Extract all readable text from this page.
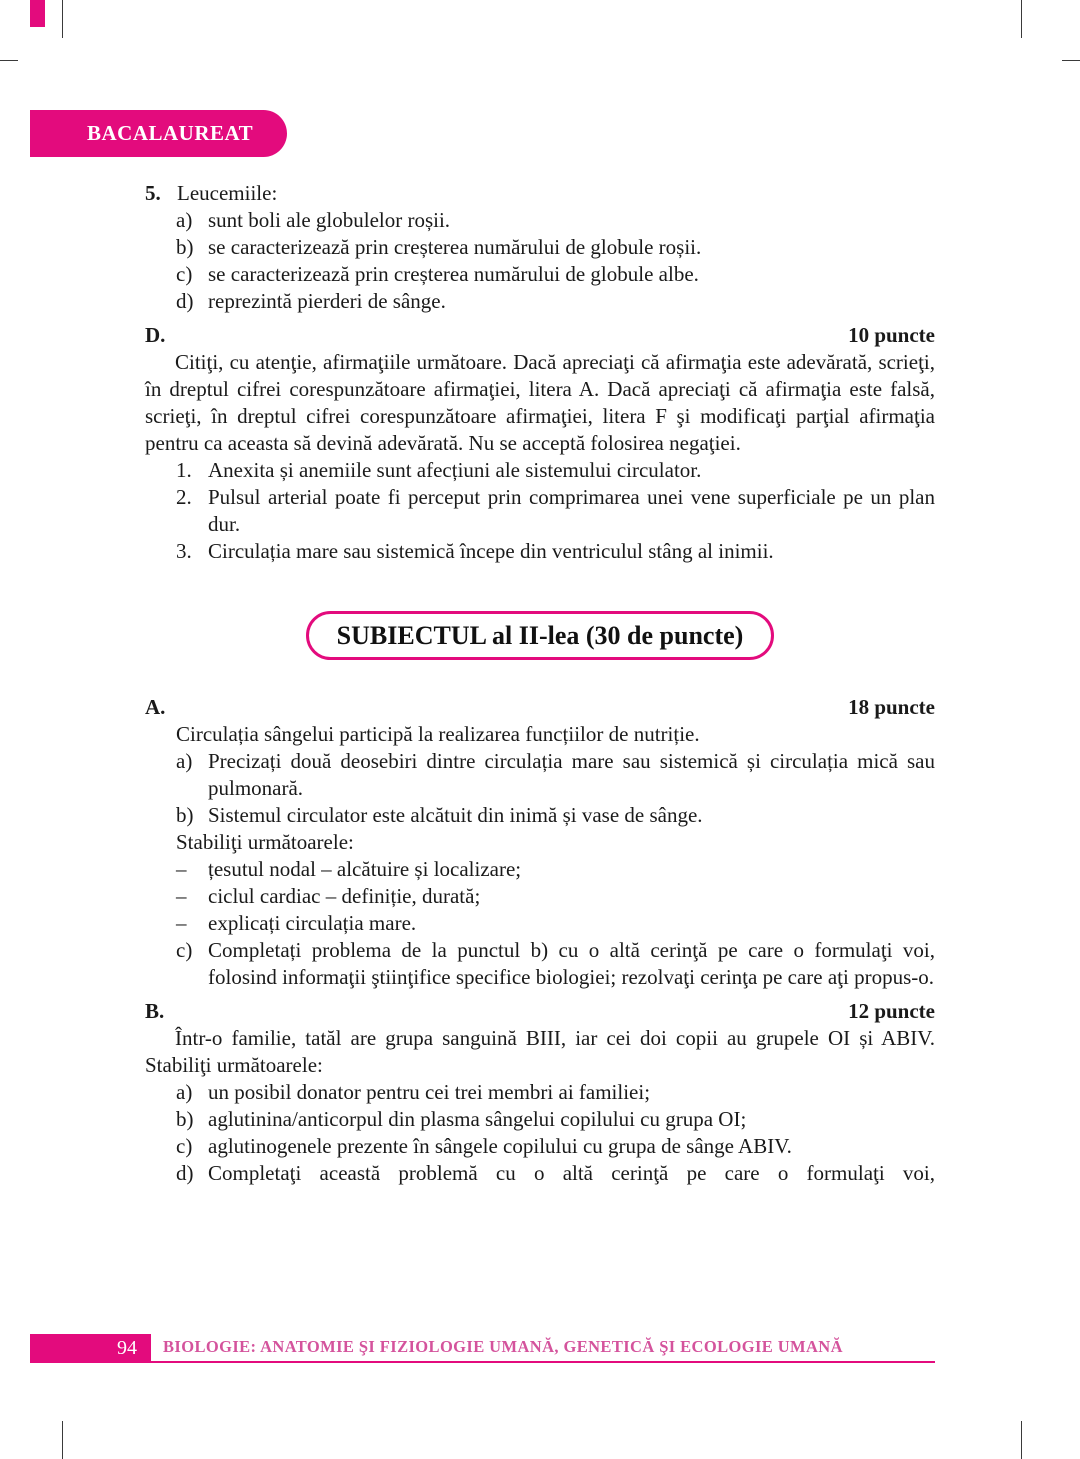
BACALAUREAT
5. Leucemiile:
a) sunt boli ale globulelor roșii.
b) se caracterizează prin creșterea numărului de globule roșii.
c) se caracterizează prin creșterea numărului de globule albe.
d) reprezintă pierderi de sânge.
D.	10 puncte
Citiţi, cu atenţie, afirmaţiile următoare. Dacă apreciaţi că afirmaţia este adevărată, scrieţi, în dreptul cifrei corespunzătoare afirmaţiei, litera A. Dacă apreciaţi că afirmaţia este falsă, scrieţi, în dreptul cifrei corespunzătoare afirmaţiei, litera F şi modificaţi parţial afirmaţia pentru ca aceasta să devină adevărată. Nu se acceptă folosirea negaţiei.
1. Anexita și anemiile sunt afecțiuni ale sistemului circulator.
2. Pulsul arterial poate fi perceput prin comprimarea unei vene superficiale pe un plan dur.
3. Circulația mare sau sistemică începe din ventriculul stâng al inimii.
SUBIECTUL al II-lea (30 de puncte)
A.	18 puncte
Circulația sângelui participă la realizarea funcțiilor de nutriție.
a) Precizați două deosebiri dintre circulația mare sau sistemică și circulația mică sau pulmonară.
b) Sistemul circulator este alcătuit din inimă și vase de sânge.
Stabiliţi următoarele:
–	țesutul nodal – alcătuire și localizare;
–	ciclul cardiac – definiție, durată;
–	explicați circulația mare.
c) Completați problema de la punctul b) cu o altă cerinţă pe care o formulaţi voi, folosind informaţii ştiinţifice specifice biologiei; rezolvaţi cerinţa pe care aţi propus-o.
B.	12 puncte
Într-o familie, tatăl are grupa sanguină BIII, iar cei doi copii au grupele OI și ABIV. Stabiliţi următoarele:
a) un posibil donator pentru cei trei membri ai familiei;
b) aglutinina/anticorpul din plasma sângelui copilului cu grupa OI;
c) aglutinogenele prezente în sângele copilului cu grupa de sânge ABIV.
d) Completaţi această problemă cu o altă cerinţă pe care o formulaţi voi,
94 BIOLOGIE: ANATOMIE ŞI FIZIOLOGIE UMANĂ, GENETICĂ ŞI ECOLOGIE UMANĂ
